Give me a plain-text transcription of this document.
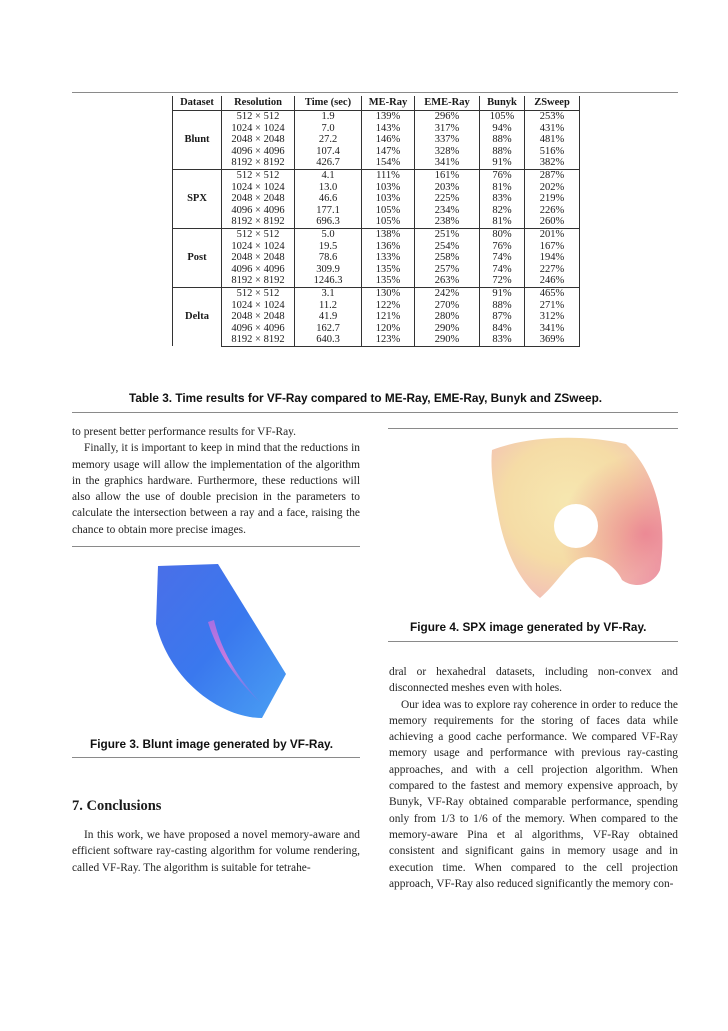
Dataset	Resolution	Time (sec)	ME-Ray	EME-Ray	Bunyk	ZSweep
Blunt	512 × 512	1.9	139%	296%	105%	253%
	1024 × 1024	7.0	143%	317%	94%	431%
	2048 × 2048	27.2	146%	337%	88%	481%
	4096 × 4096	107.4	147%	328%	88%	516%
	8192 × 8192	426.7	154%	341%	91%	382%
SPX	512 × 512	4.1	111%	161%	76%	287%
	1024 × 1024	13.0	103%	203%	81%	202%
	2048 × 2048	46.6	103%	225%	83%	219%
	4096 × 4096	177.1	105%	234%	82%	226%
	8192 × 8192	696.3	105%	238%	81%	260%
Post	512 × 512	5.0	138%	251%	80%	201%
	1024 × 1024	19.5	136%	254%	76%	167%
	2048 × 2048	78.6	133%	258%	74%	194%
	4096 × 4096	309.9	135%	257%	74%	227%
	8192 × 8192	1246.3	135%	263%	72%	246%
Delta	512 × 512	3.1	130%	242%	91%	465%
	1024 × 1024	11.2	122%	270%	88%	271%
	2048 × 2048	41.9	121%	280%	87%	312%
	4096 × 4096	162.7	120%	290%	84%	341%
	8192 × 8192	640.3	123%	290%	83%	369%
Table 3. Time results for VF-Ray compared to ME-Ray, EME-Ray, Bunyk and ZSweep.

to present better performance results for VF-Ray.

Finally, it is important to keep in mind that the reductions in memory usage will allow the implementation of the algorithm in the graphics hardware. Furthermore, these reductions will also allow the use of double precision in the parameters to calculate the intersection between a ray and a face, raising the chance to obtain more precise images.

Figure 3. Blunt image generated by VF-Ray.
7. Conclusions

In this work, we have proposed a novel memory-aware and efficient software ray-casting algorithm for volume rendering, called VF-Ray. The algorithm is suitable for tetrahe-

Figure 4. SPX image generated by VF-Ray.

dral or hexahedral datasets, including non-convex and disconnected meshes even with holes.

Our idea was to explore ray coherence in order to reduce the memory requirements for the storing of faces data while achieving a good cache performance. We compared VF-Ray memory usage and performance with previous ray-casting approaches, and with a cell projection algorithm. When compared to the fastest and memory expensive approach, by Bunyk, VF-Ray obtained comparable performance, spending only from 1/3 to 1/6 of the memory. When compared to the memory-aware Pina et al algorithms, VF-Ray obtained consistent and significant gains in memory usage and in execution time. When compared to the cell projection approach, VF-Ray also reduced significantly the memory con-
